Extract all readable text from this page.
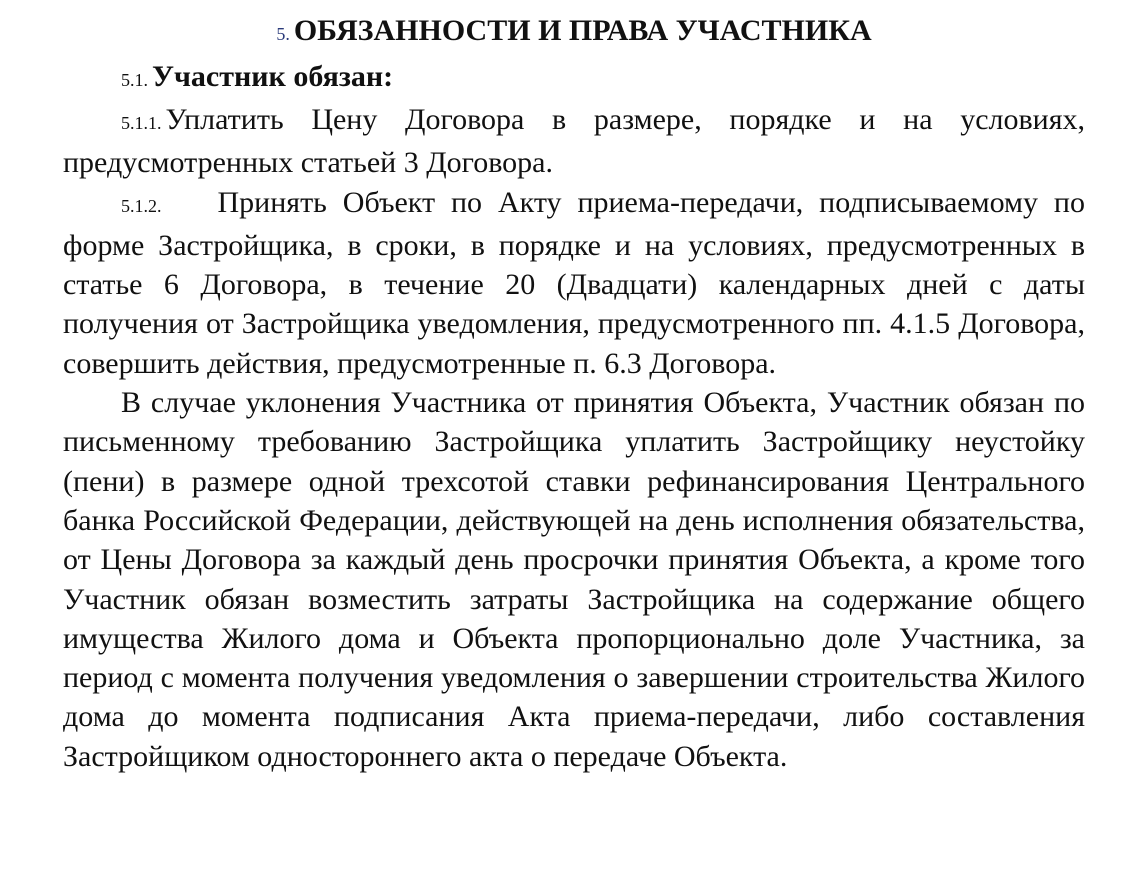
5. ОБЯЗАННОСТИ И ПРАВА УЧАСТНИКА

5.1. Участник обязан:

5.1.1. Уплатить Цену Договора в размере, порядке и на условиях, предусмотренных статьей 3 Договора.

5.1.2. Принять Объект по Акту приема-передачи, подписываемому по форме Застройщика, в сроки, в порядке и на условиях, предусмотренных в статье 6 Договора, в течение 20 (Двадцати) календарных дней с даты получения от Застройщика уведомления, предусмотренного пп. 4.1.5 Договора, совершить действия, предусмотренные п. 6.3 Договора.

В случае уклонения Участника от принятия Объекта, Участник обязан по письменному требованию Застройщика уплатить Застройщику неустойку (пени) в размере одной трехсотой ставки рефинансирования Центрального банка Российской Федерации, действующей на день исполнения обязательства, от Цены Договора за каждый день просрочки принятия Объекта, а кроме того Участник обязан возместить затраты Застройщика на содержание общего имущества Жилого дома и Объекта пропорционально доле Участника, за период с момента получения уведомления о завершении строительства Жилого дома до момента подписания Акта приема-передачи, либо составления Застройщиком одностороннего акта о передаче Объекта.
